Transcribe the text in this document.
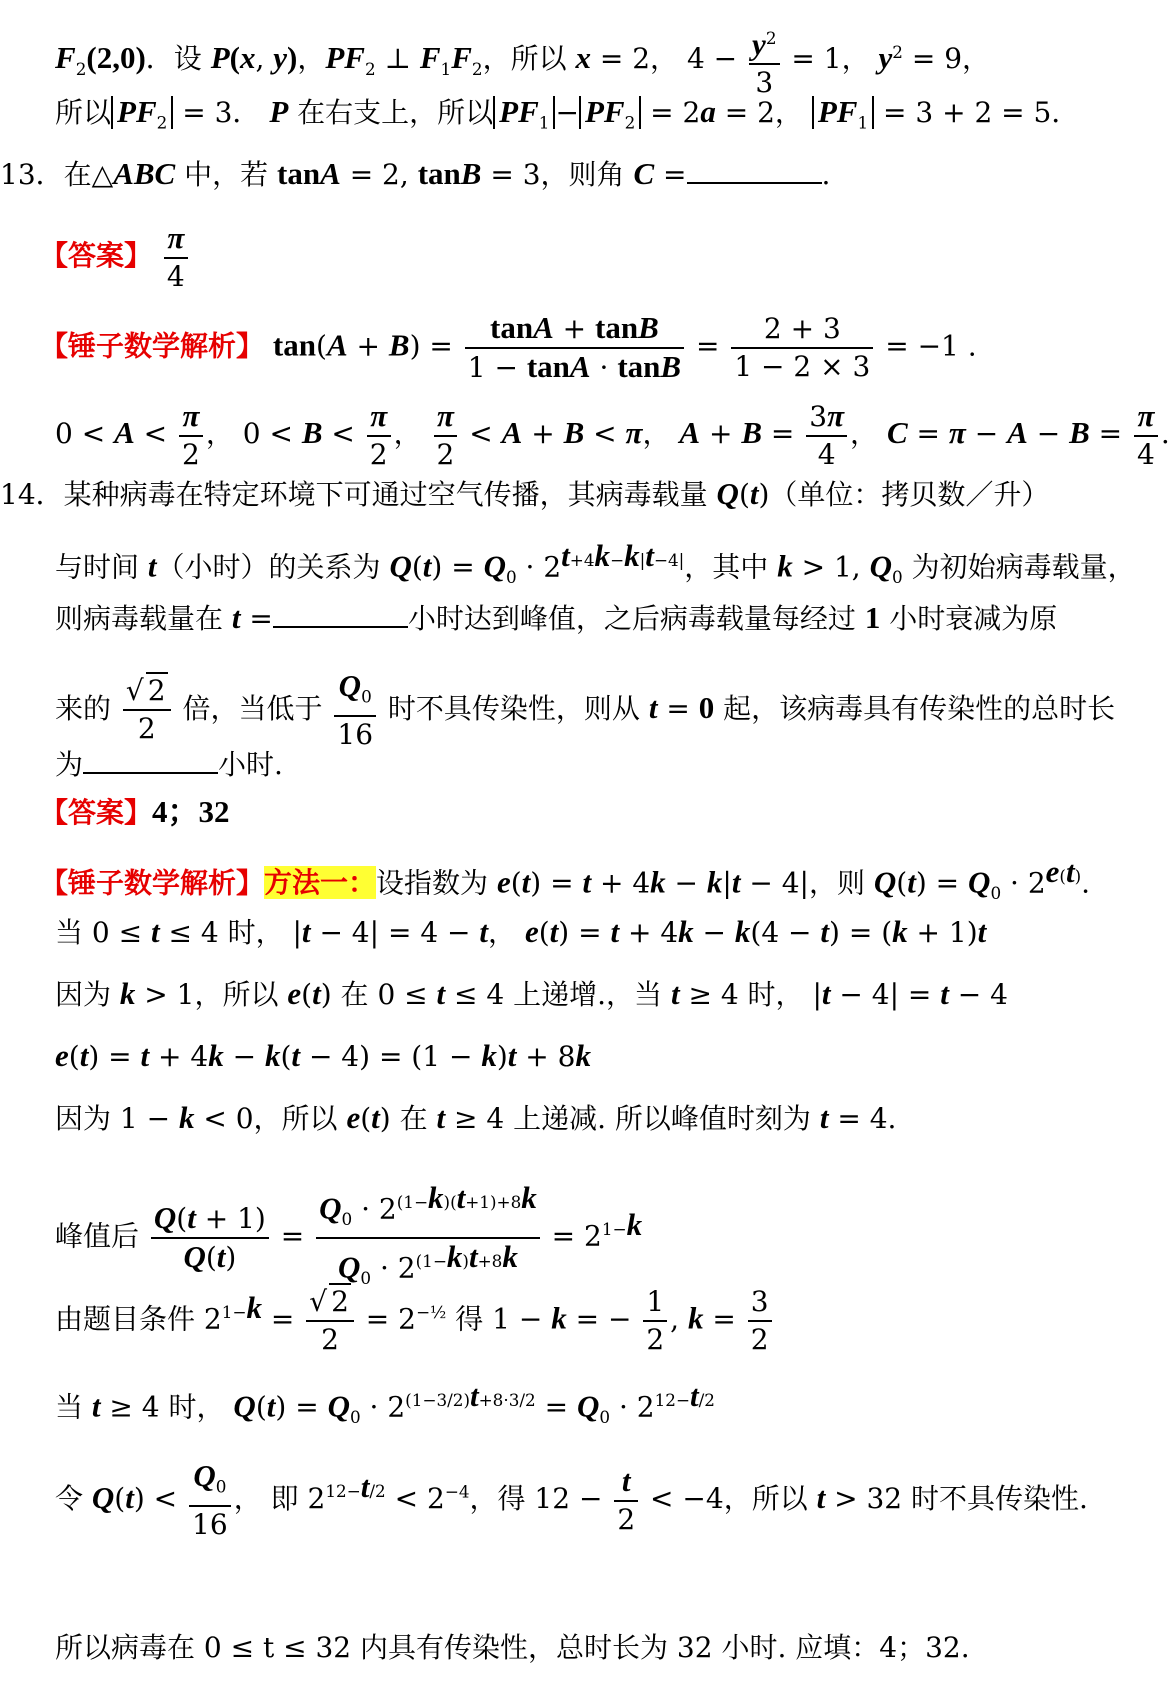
$F_2(2,0)$．设 P(x, y)，$PF_2$ ⊥ $F_1F_2$，所以 x = 2， $4 - \frac{y^2}{3} = 1$， $y^2 = 9$，
所以 $PF_2 = 3$． P 在右支上，所以 $PF_1 - PF_2 = 2a = 2$， $PF_1 = 3 + 2 = 5$．
13．在△ABC 中，若 tanA = 2, tanB = 3，则角 C =	.
【答案】 $\frac{\pi}{4}$
【锤子数学解析】 $\tan(A + B) = \frac{\tan A + \tan B}{1 - \tan A \cdot \tan B} = \frac{2 + 3}{1 - 2 \times 3} = -1$ .
$0 < A < \frac{\pi}{2}$ ， $0 < B < \frac{\pi}{2}$ ， $\frac{\pi}{2} < A + B < \pi$， $A + B = \frac{3\pi}{4}$ ， $C = \pi - A - B = \frac{\pi}{4}$ .
14．某种病毒在特定环境下可通过空气传播，其病毒载量 Q(t)（单位：拷贝数／升）
与时间 t（小时）的关系为 $Q(t) = Q_0 \cdot 2^{t+4k-k|t-4|}$，其中 k > 1, $Q_0$ 为初始病毒载量，
则病毒载量在 t =	小时达到峰值，之后病毒载量每经过 1 小时衰减为原
来的 $\frac{√ 2}{2}$ 倍，当低于 $\frac{Q_0}{16}$ 时不具传染性，则从 t = 0 起，该病毒具有传染性的总时长
为	小时.
【答案】4；32
【锤子数学解析】方法一：设指数为 e(t) = t + 4k − k|t − 4|，则 $Q(t) = Q_0 \cdot 2^{e(t)}$.
当 0 ≤ t ≤ 4 时， |t − 4| = 4 − t， e(t) = t + 4k − k(4 − t) = (k + 1)t
因为 k > 1，所以 e(t) 在 0 ≤ t ≤ 4 上递增.，当 t ≥ 4 时， |t − 4| = t − 4
e(t) = t + 4k − k(t − 4) = (1 − k)t + 8k
因为 1 − k < 0，所以 e(t) 在 t ≥ 4 上递减. 所以峰值时刻为 t = 4.
峰值后 $\frac{Q(t + 1)}{Q(t)} = \frac{Q_0 \cdot 2^{(1-k)(t+1)+8k}}{Q_0 \cdot 2^{(1-k)t+8k}} = 2^{1-k}$
由题目条件 $2^{1-k} = \frac{√ 2}{2} = 2^{-\frac{1}{2}}$ 得 1 − k = − $\frac{1}{2}$ , $k = \frac{3}{2}$
当 t ≥ 4 时， $Q(t) = Q_0 \cdot 2^{(1-3/2)t+8\cdot 3/2} = Q_0 \cdot 2^{12-t/2}$
令 $Q(t) < \frac{Q_0}{16}$ ， 即 $2^{12-t/2} < 2^{-4}$，得 $12 - \frac{t}{2} < -4$，所以 t > 32 时不具传染性.
所以病毒在 0 ≤ t ≤ 32 内具有传染性，总时长为 32 小时. 应填：4；32.
